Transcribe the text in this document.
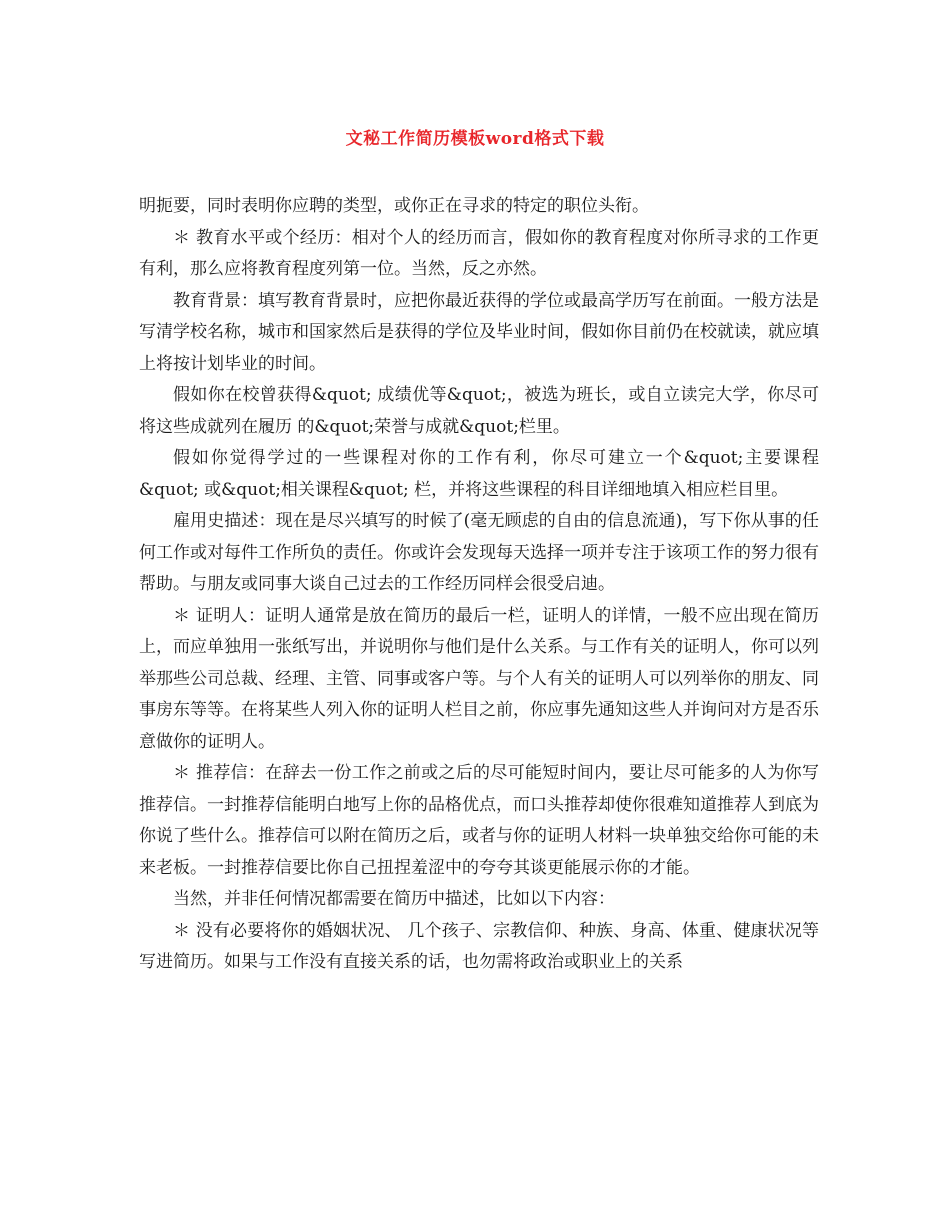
文秘工作简历模板word格式下载

明扼要，同时表明你应聘的类型，或你正在寻求的特定的职位头衔。

＊ 教育水平或个经历：相对个人的经历而言，假如你的教育程度对你所寻求的工作更有利，那么应将教育程度列第一位。当然，反之亦然。

教育背景：填写教育背景时，应把你最近获得的学位或最高学历写在前面。一般方法是写清学校名称，城市和国家然后是获得的学位及毕业时间，假如你目前仍在校就读，就应填上将按计划毕业的时间。

假如你在校曾获得&quot; 成绩优等&quot;，被选为班长，或自立读完大学，你尽可将这些成就列在履历 的&quot;荣誉与成就&quot;栏里。

假如你觉得学过的一些课程对你的工作有利，你尽可建立一个&quot;主要课程&quot; 或&quot;相关课程&quot; 栏，并将这些课程的科目详细地填入相应栏目里。

雇用史描述：现在是尽兴填写的时候了(毫无顾虑的自由的信息流通)，写下你从事的任何工作或对每件工作所负的责任。你或许会发现每天选择一项并专注于该项工作的努力很有帮助。与朋友或同事大谈自己过去的工作经历同样会很受启迪。

＊ 证明人：证明人通常是放在简历的最后一栏，证明人的详情，一般不应出现在简历上，而应单独用一张纸写出，并说明你与他们是什么关系。与工作有关的证明人，你可以列举那些公司总裁、经理、主管、同事或客户等。与个人有关的证明人可以列举你的朋友、同事房东等等。在将某些人列入你的证明人栏目之前，你应事先通知这些人并询问对方是否乐意做你的证明人。

＊ 推荐信：在辞去一份工作之前或之后的尽可能短时间内，要让尽可能多的人为你写推荐信。一封推荐信能明白地写上你的品格优点，而口头推荐却使你很难知道推荐人到底为你说了些什么。推荐信可以附在简历之后，或者与你的证明人材料一块单独交给你可能的未来老板。一封推荐信要比你自己扭捏羞涩中的夸夸其谈更能展示你的才能。

当然，并非任何情况都需要在简历中描述，比如以下内容：

＊ 没有必要将你的婚姻状况、 几个孩子、宗教信仰、种族、身高、体重、健康状况等写进简历。如果与工作没有直接关系的话，也勿需将政治或职业上的关系
